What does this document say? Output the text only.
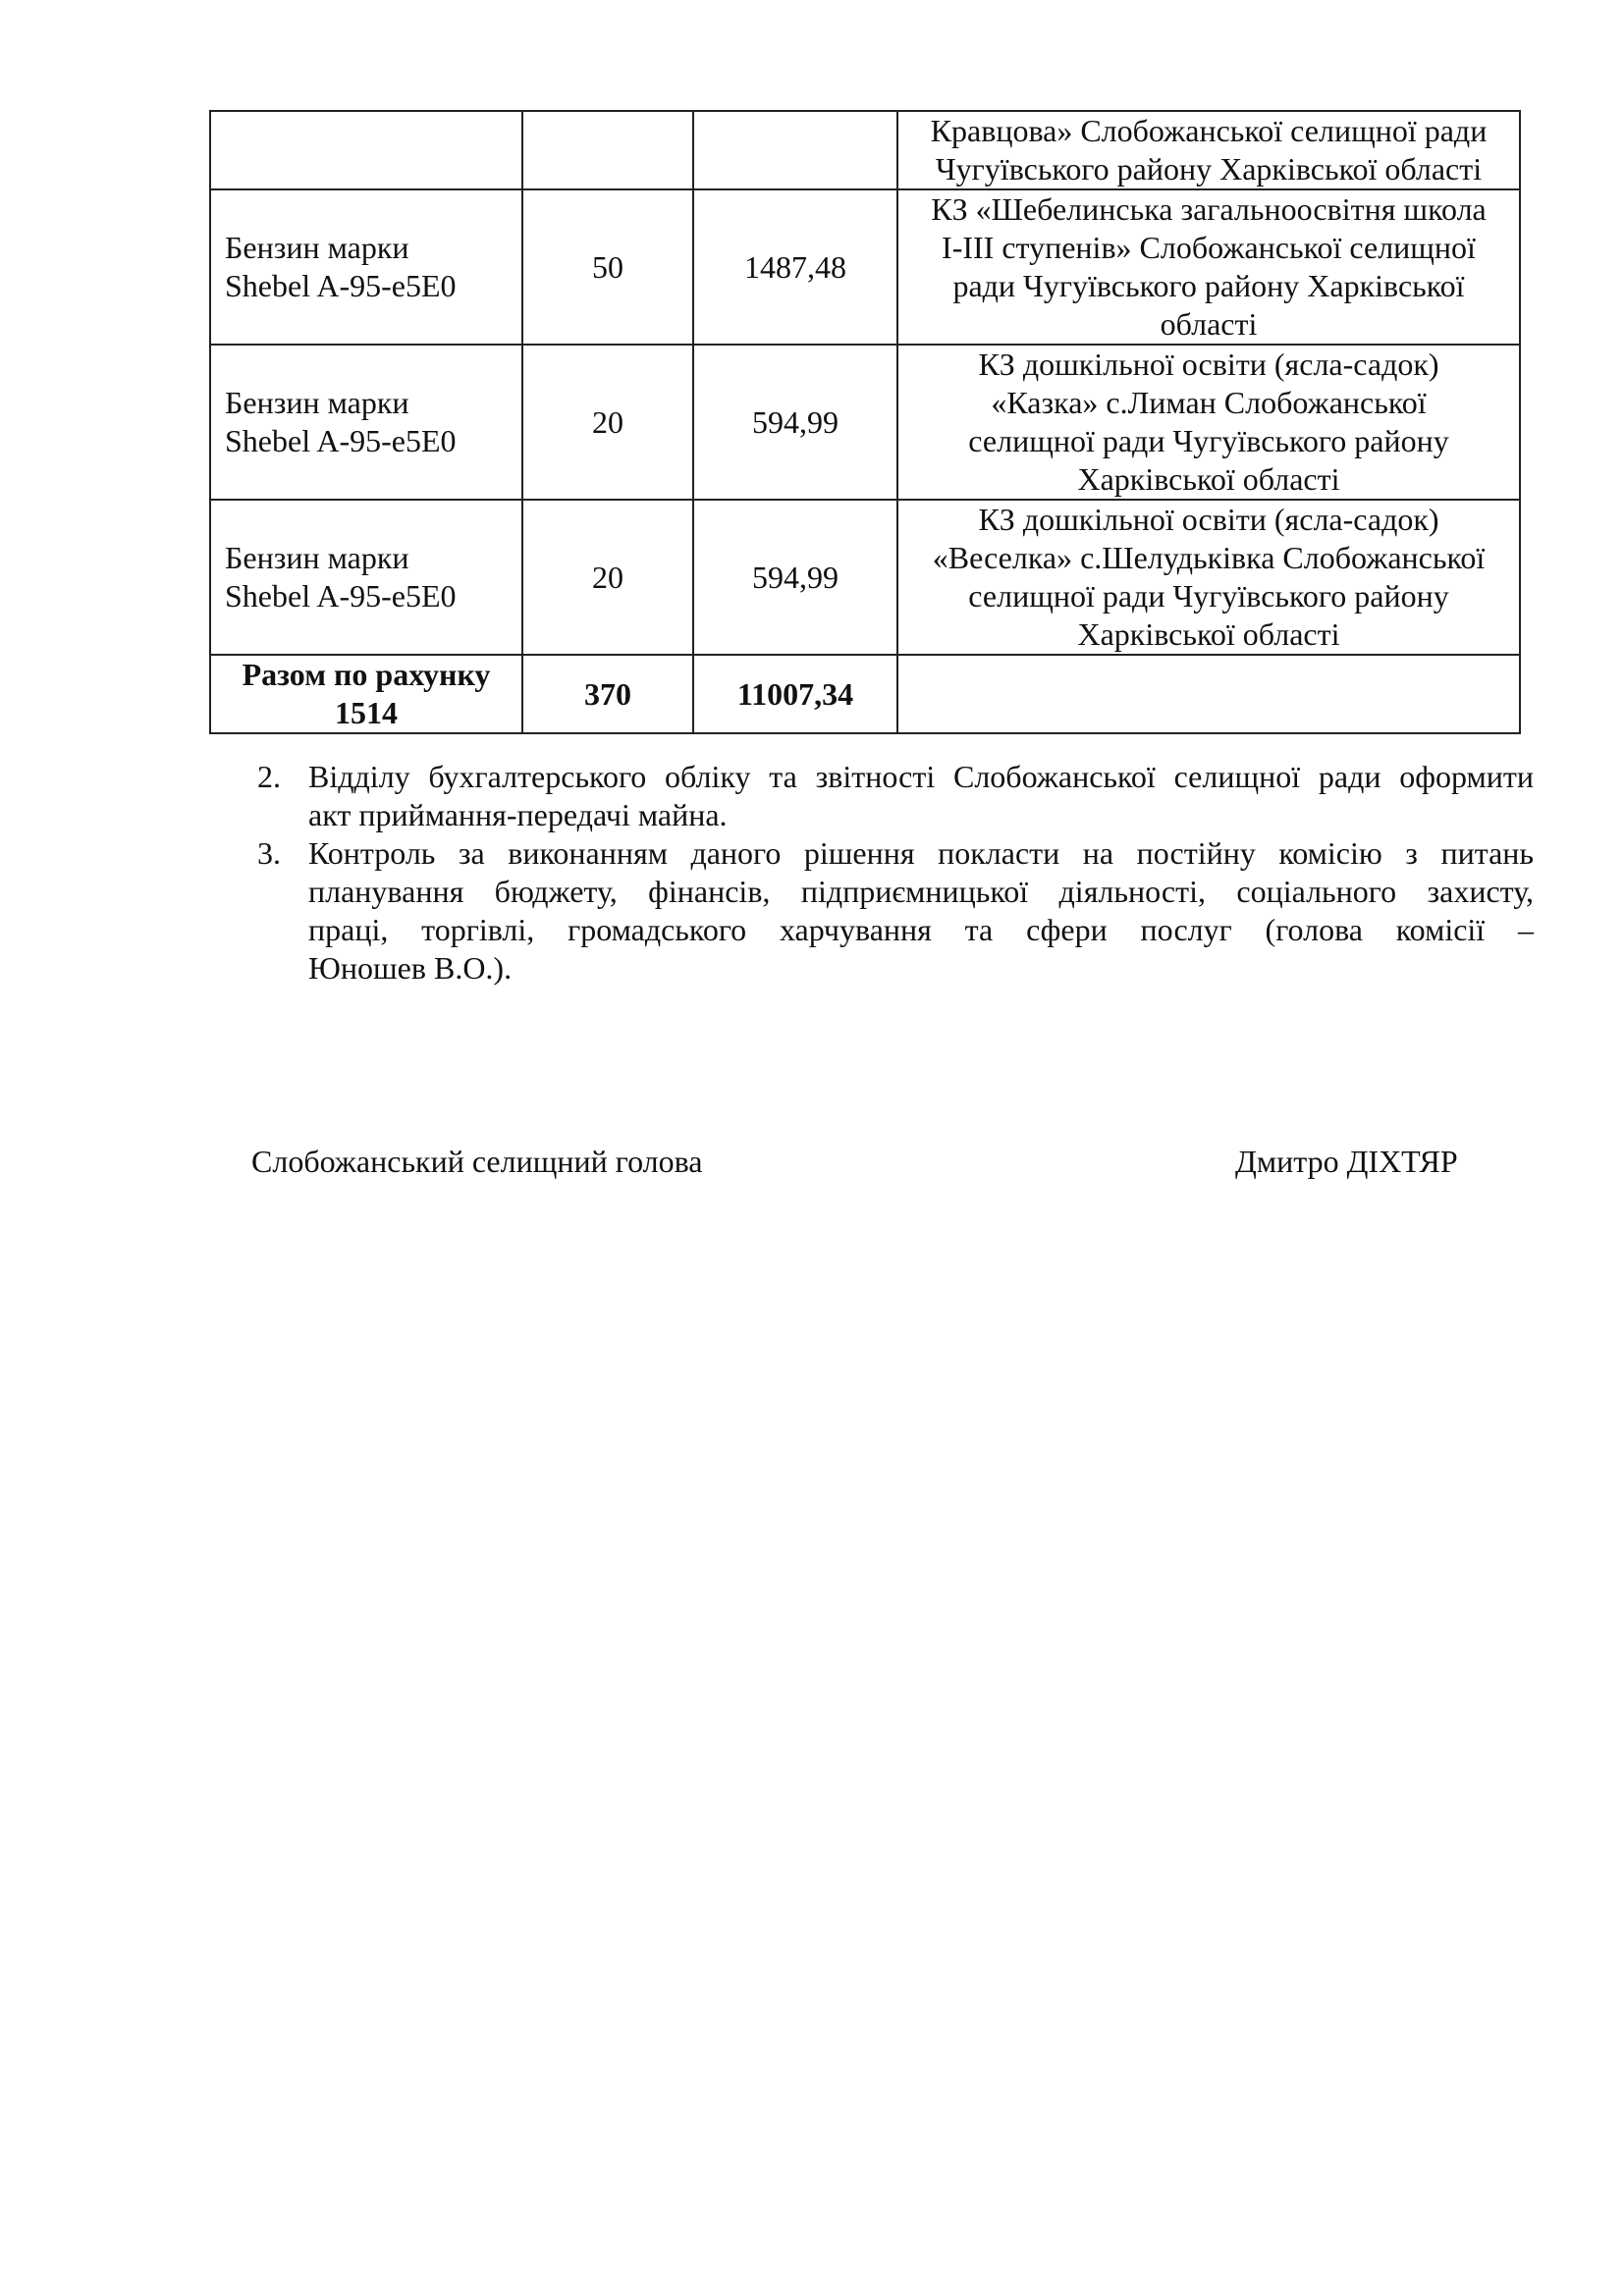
			Кравцова» Слобожанської селищної ради
Чугуївського району Харківської області

Бензин марки
Shebel A-95-e5E0	50	1487,48	КЗ «Шебелинська загальноосвітня школа
І-ІІІ ступенів» Слобожанської селищної
ради Чугуївського району Харківської
області

Бензин марки
Shebel A-95-e5E0	20	594,99	КЗ дошкільної освіти (ясла-садок)
«Казка» с.Лиман Слобожанської
селищної ради Чугуївського району
Харківської області

Бензин марки
Shebel A-95-e5E0	20	594,99	КЗ дошкільної освіти (ясла-садок)
«Веселка» с.Шелудьківка Слобожанської
селищної ради Чугуївського району
Харківської області

Разом по рахунку
1514	370	11007,34	
2. Відділу бухгалтерського обліку та звітності Слобожанської селищної ради оформити
акт приймання-передачі майна.
3. Контроль за виконанням даного рішення покласти на постійну комісію з питань
планування бюджету, фінансів, підприємницької діяльності, соціального захисту,
праці, торгівлі, громадського харчування та сфери послуг (голова комісії –
Юношев В.О.).
Слобожанський селищний голова	Дмитро ДІХТЯР
